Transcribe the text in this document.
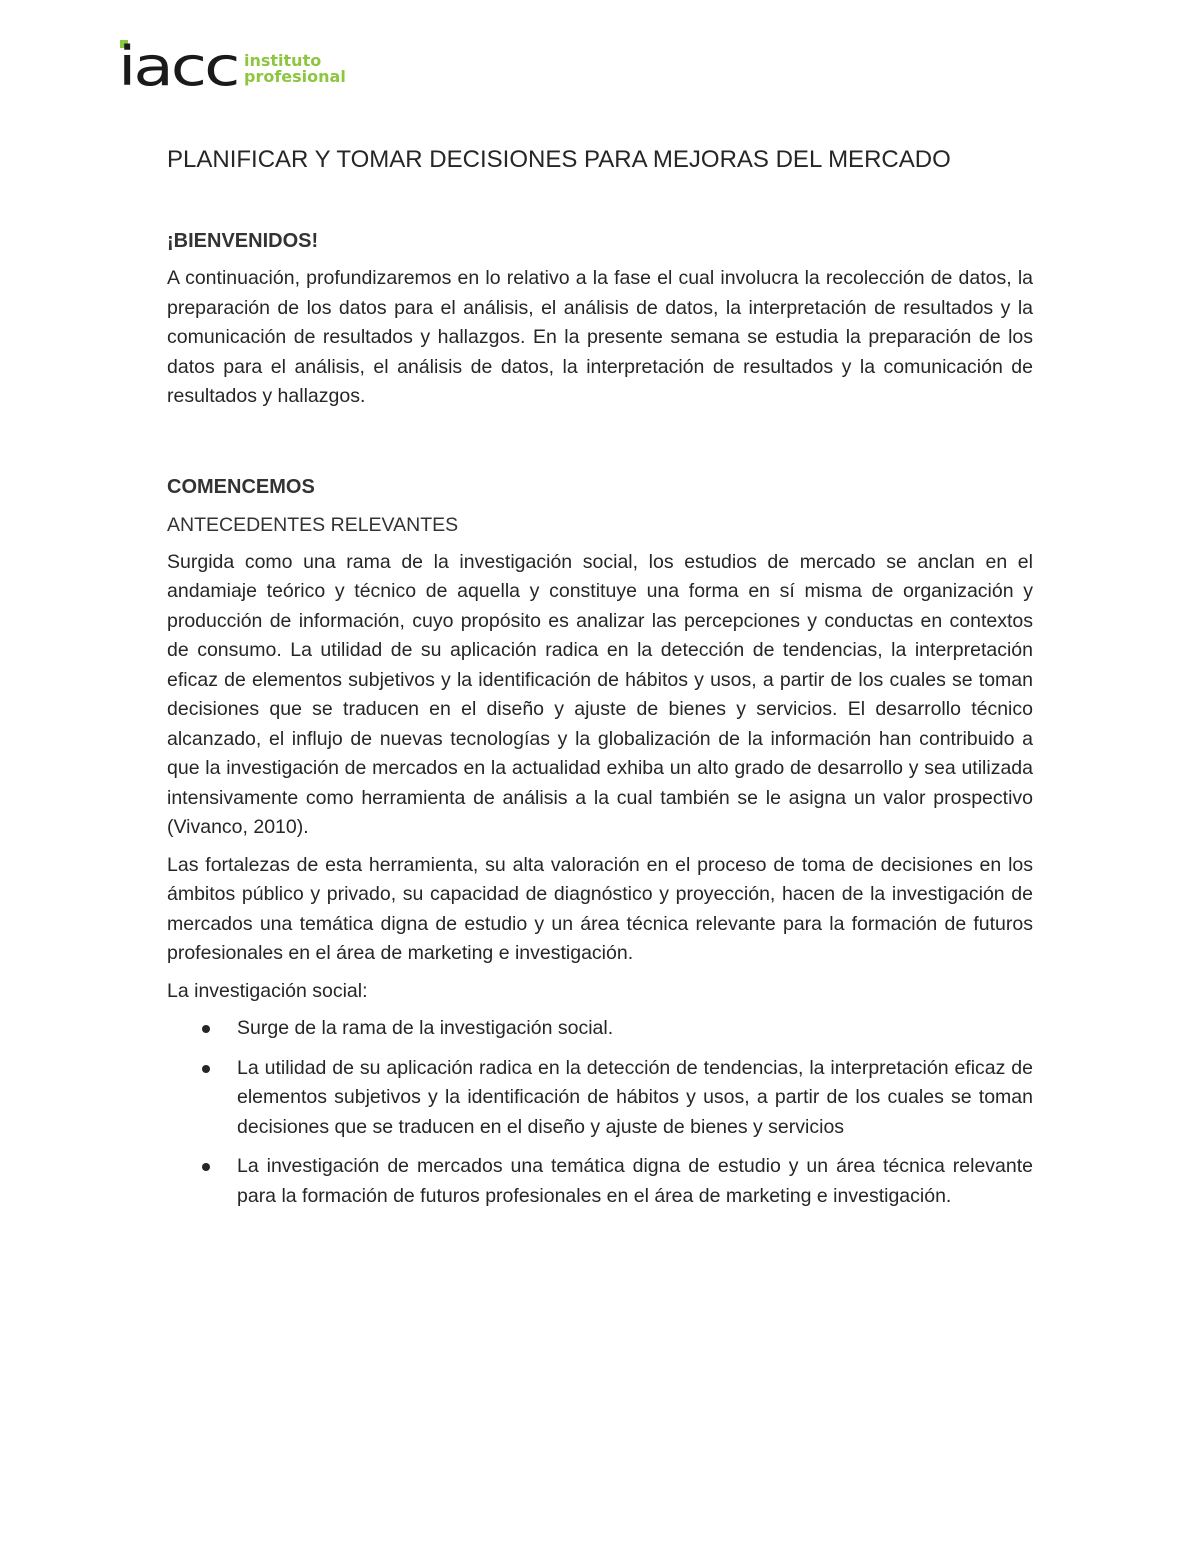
iacc instituto
profesional
PLANIFICAR Y TOMAR DECISIONES PARA MEJORAS DEL MERCADO
¡BIENVENIDOS!

A continuación, profundizaremos en lo relativo a la fase el cual involucra la recolección de datos, la preparación de los datos para el análisis, el análisis de datos, la interpretación de resultados y la comunicación de resultados y hallazgos. En la presente semana se estudia la preparación de los datos para el análisis, el análisis de datos, la interpretación de resultados y la comunicación de resultados y hallazgos.

COMENCEMOS
ANTECEDENTES RELEVANTES

Surgida como una rama de la investigación social, los estudios de mercado se anclan en el andamiaje teórico y técnico de aquella y constituye una forma en sí misma de organización y producción de información, cuyo propósito es analizar las percepciones y conductas en contextos de consumo. La utilidad de su aplicación radica en la detección de tendencias, la interpretación eficaz de elementos subjetivos y la identificación de hábitos y usos, a partir de los cuales se toman decisiones que se traducen en el diseño y ajuste de bienes y servicios. El desarrollo técnico alcanzado, el influjo de nuevas tecnologías y la globalización de la información han contribuido a que la investigación de mercados en la actualidad exhiba un alto grado de desarrollo y sea utilizada intensivamente como herramienta de análisis a la cual también se le asigna un valor prospectivo (Vivanco, 2010).

Las fortalezas de esta herramienta, su alta valoración en el proceso de toma de decisiones en los ámbitos público y privado, su capacidad de diagnóstico y proyección, hacen de la investigación de mercados una temática digna de estudio y un área técnica relevante para la formación de futuros profesionales en el área de marketing e investigación.

La investigación social:

Surge de la rama de la investigación social.
La utilidad de su aplicación radica en la detección de tendencias, la interpretación eficaz de elementos subjetivos y la identificación de hábitos y usos, a partir de los cuales se toman decisiones que se traducen en el diseño y ajuste de bienes y servicios
La investigación de mercados una temática digna de estudio y un área técnica relevante para la formación de futuros profesionales en el área de marketing e investigación.
